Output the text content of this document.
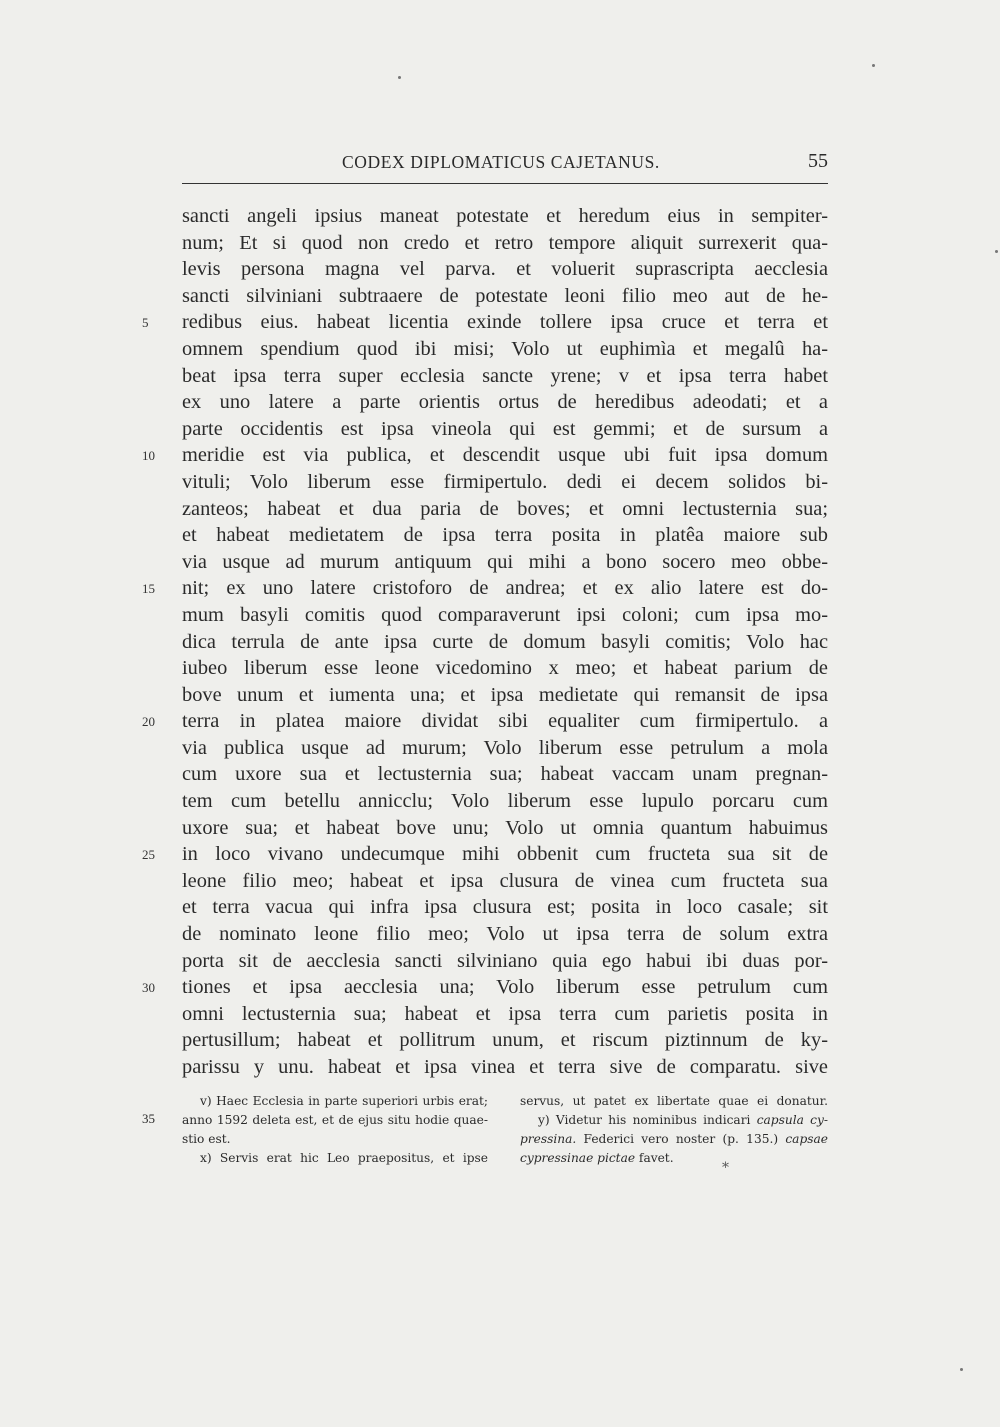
CODEX DIPLOMATICUS CAJETANUS.	55
sancti angeli ipsius maneat potestate et heredum eius in sempiter-
num; Et si quod non credo et retro tempore aliquit surrexerit qua-
levis persona magna vel parva. et voluerit suprascripta aecclesia
sancti silviniani subtraaere de potestate leoni filio meo aut de he-
redibus eius. habeat licentia exinde tollere ipsa cruce et terra et
omnem spendium quod ibi misi; Volo ut euphimìa et megalû ha-
beat ipsa terra super ecclesia sancte yrene; v et ipsa terra habet
ex uno latere a parte orientis ortus de heredibus adeodati; et a
parte occidentis est ipsa vineola qui est gemmi; et de sursum a
meridie est via publica, et descendit usque ubi fuit ipsa domum
vituli; Volo liberum esse firmipertulo. dedi ei decem solidos bi-
zanteos; habeat et dua paria de boves; et omni lectusternia sua;
et habeat medietatem de ipsa terra posita in platêa maiore sub
via usque ad murum antiquum qui mihi a bono socero meo obbe-
nit; ex uno latere cristoforo de andrea; et ex alio latere est do-
mum basyli comitis quod comparaverunt ipsi coloni; cum ipsa mo-
dica terrula de ante ipsa curte de domum basyli comitis; Volo hac
iubeo liberum esse leone vicedomino x meo; et habeat parium de
bove unum et iumenta una; et ipsa medietate qui remansit de ipsa
terra in platea maiore dividat sibi equaliter cum firmipertulo. a
via publica usque ad murum; Volo liberum esse petrulum a mola
cum uxore sua et lectusternia sua; habeat vaccam unam pregnan-
tem cum betellu annicclu; Volo liberum esse lupulo porcaru cum
uxore sua; et habeat bove unu; Volo ut omnia quantum habuimus
in loco vivano undecumque mihi obbenit cum fructeta sua sit de
leone filio meo; habeat et ipsa clusura de vinea cum fructeta sua
et terra vacua qui infra ipsa clusura est; posita in loco casale; sit
de nominato leone filio meo; Volo ut ipsa terra de solum extra
porta sit de aecclesia sancti silviniano quia ego habui ibi duas por-
tiones et ipsa aecclesia una; Volo liberum esse petrulum cum
omni lectusternia sua; habeat et ipsa terra cum parietis posita in
pertusillum; habeat et pollitrum unum, et riscum piztinnum de ky-
parissu y unu. habeat et ipsa vinea et terra sive de comparatu. sive
5
10
15
20
25
30
v) Haec Ecclesia in parte superiori urbis erat;
anno 1592 deleta est, et de ejus situ hodie quae-
stio est.
x) Servis erat hic Leo praepositus, et ipse
35
servus, ut patet ex libertate quae ei donatur.
y) Videtur his nominibus indicari capsula cy-
pressina. Federici vero noster (p. 135.) capsae
cypressinae pictae favet.
*
